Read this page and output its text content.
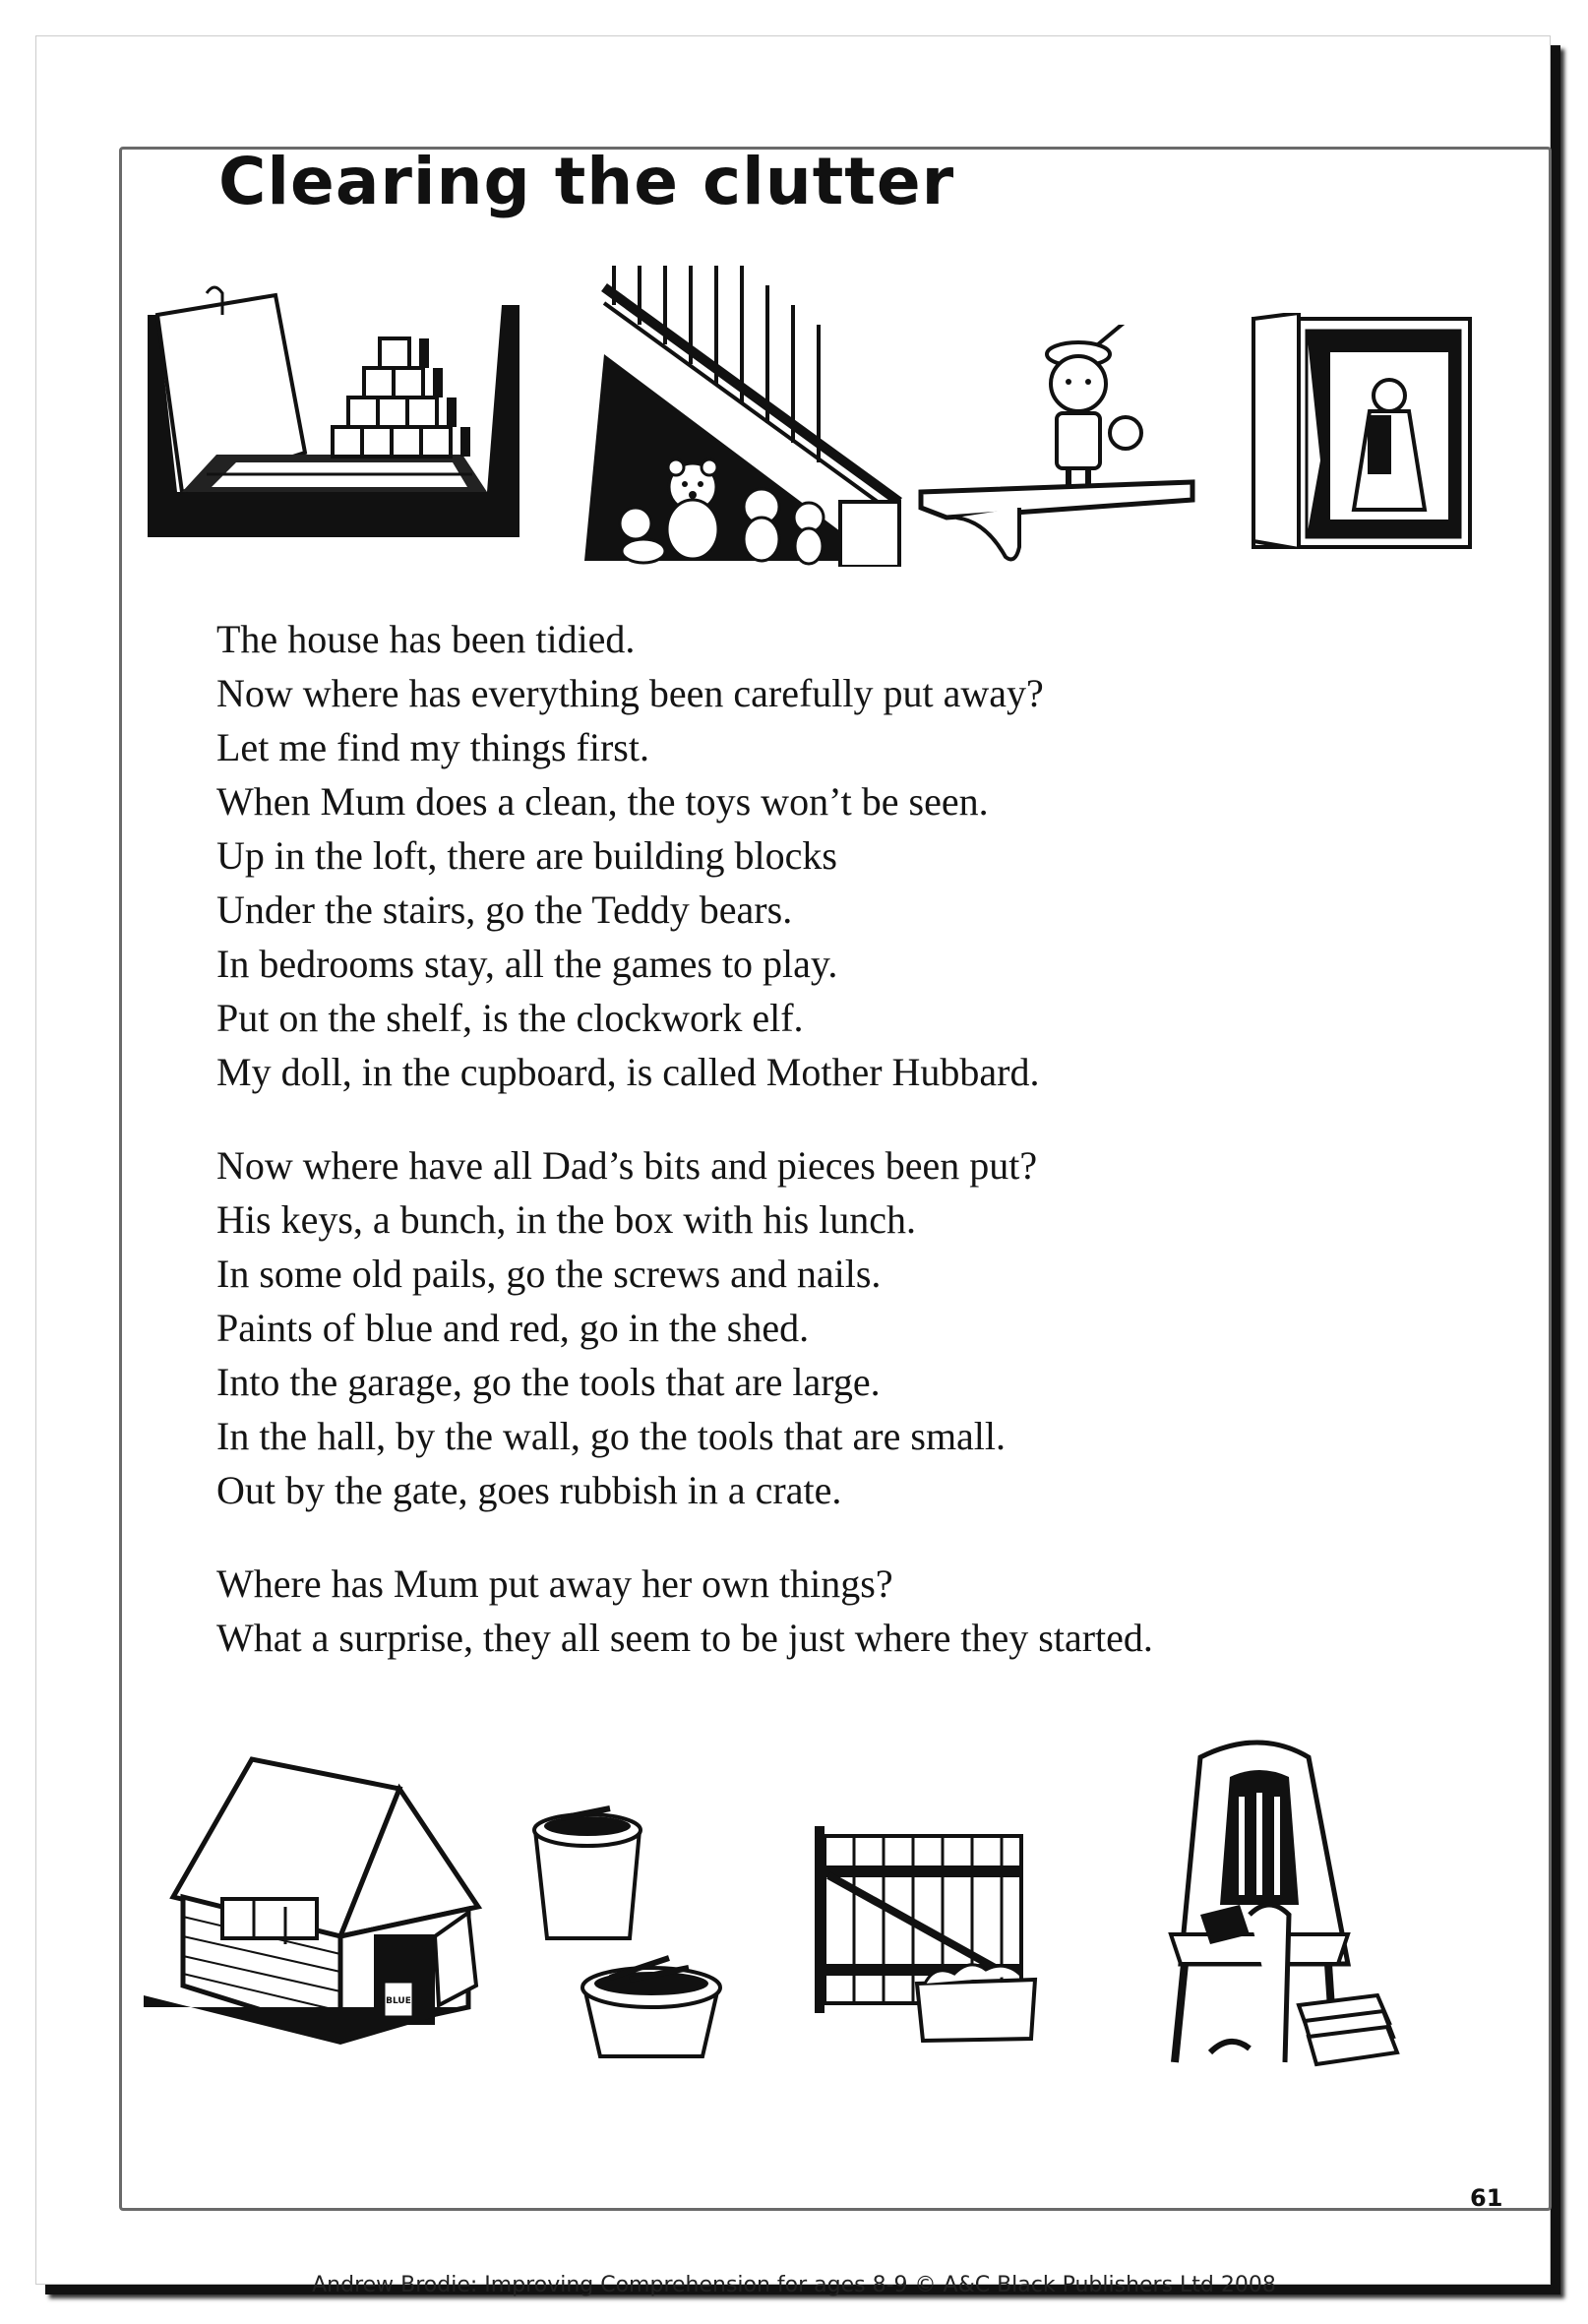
Clearing the clutter
The house has been tidied.
Now where has everything been carefully put away?
Let me find my things first.
When Mum does a clean, the toys won’t be seen.
Up in the loft, there are building blocks
Under the stairs, go the Teddy bears.
In bedrooms stay, all the games to play.
Put on the shelf, is the clockwork elf.
My doll, in the cupboard, is called Mother Hubbard.
Now where have all Dad’s bits and pieces been put?
His keys, a bunch, in the box with his lunch.
In some old pails, go the screws and nails.
Paints of blue and red, go in the shed.
Into the garage, go the tools that are large.
In the hall, by the wall, go the tools that are small.
Out by the gate, goes rubbish in a crate.
Where has Mum put away her own things?
What a surprise, they all seem to be just where they started.
BLUE
61
Andrew Brodie: Improving Comprehension for ages 8-9 © A&C Black Publishers Ltd 2008
